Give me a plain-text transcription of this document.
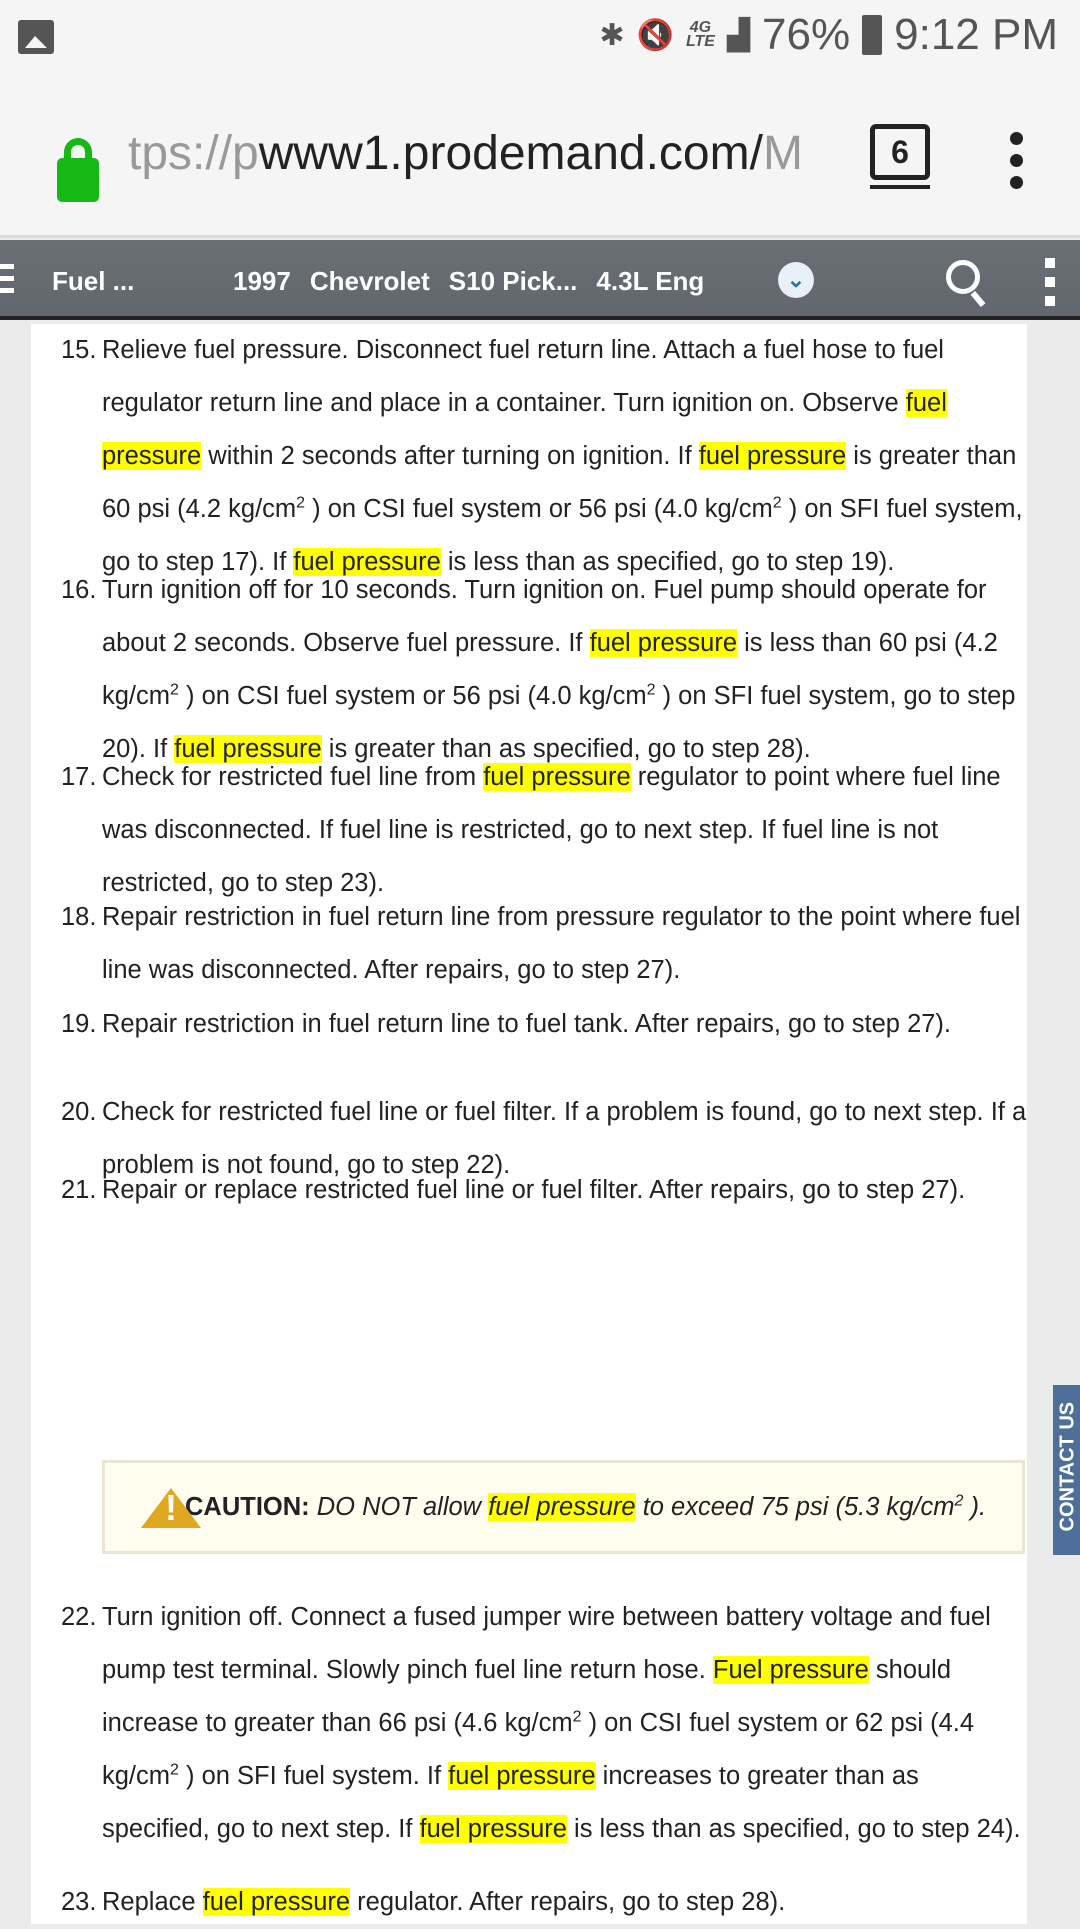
✱ 🔇 4G
LTE ▟ 76% 9:12 PM
tps://pwww1.prodemand.com/M	6
Fuel ...	1997 Chevrolet S10 Pick... 4.3L Eng	⌄
15. Relieve fuel pressure. Disconnect fuel return line. Attach a fuel hose to fuel regulator return line and place in a container. Turn ignition on. Observe fuel pressure within 2 seconds after turning on ignition. If fuel pressure is greater than 60 psi (4.2 $kg/cm^2$ ) on CSI fuel system or 56 psi (4.0 $kg/cm^2$ ) on SFI fuel system, go to step 17). If fuel pressure is less than as specified, go to step 19).
16. Turn ignition off for 10 seconds. Turn ignition on. Fuel pump should operate for about 2 seconds. Observe fuel pressure. If fuel pressure is less than 60 psi (4.2 $kg/cm^2$ ) on CSI fuel system or 56 psi (4.0 $kg/cm^2$ ) on SFI fuel system, go to step 20). If fuel pressure is greater than as specified, go to step 28).
17. Check for restricted fuel line from fuel pressure regulator to point where fuel line was disconnected. If fuel line is restricted, go to next step. If fuel line is not restricted, go to step 23).
18. Repair restriction in fuel return line from pressure regulator to the point where fuel line was disconnected. After repairs, go to step 27).
19. Repair restriction in fuel return line to fuel tank. After repairs, go to step 27).
20. Check for restricted fuel line or fuel filter. If a problem is found, go to next step. If a problem is not found, go to step 22).
21. Repair or replace restricted fuel line or fuel filter. After repairs, go to step 27).
22. Turn ignition off. Connect a fused jumper wire between battery voltage and fuel pump test terminal. Slowly pinch fuel line return hose. Fuel pressure should increase to greater than 66 psi (4.6 $kg/cm^2$ ) on CSI fuel system or 62 psi (4.4 $kg/cm^2$ ) on SFI fuel system. If fuel pressure increases to greater than as specified, go to next step. If fuel pressure is less than as specified, go to step 24).
23. Replace fuel pressure regulator. After repairs, go to step 28).
!
CAUTION: DO NOT allow fuel pressure to exceed 75 psi (5.3 $kg/cm^2$ ).	CONTACT US
